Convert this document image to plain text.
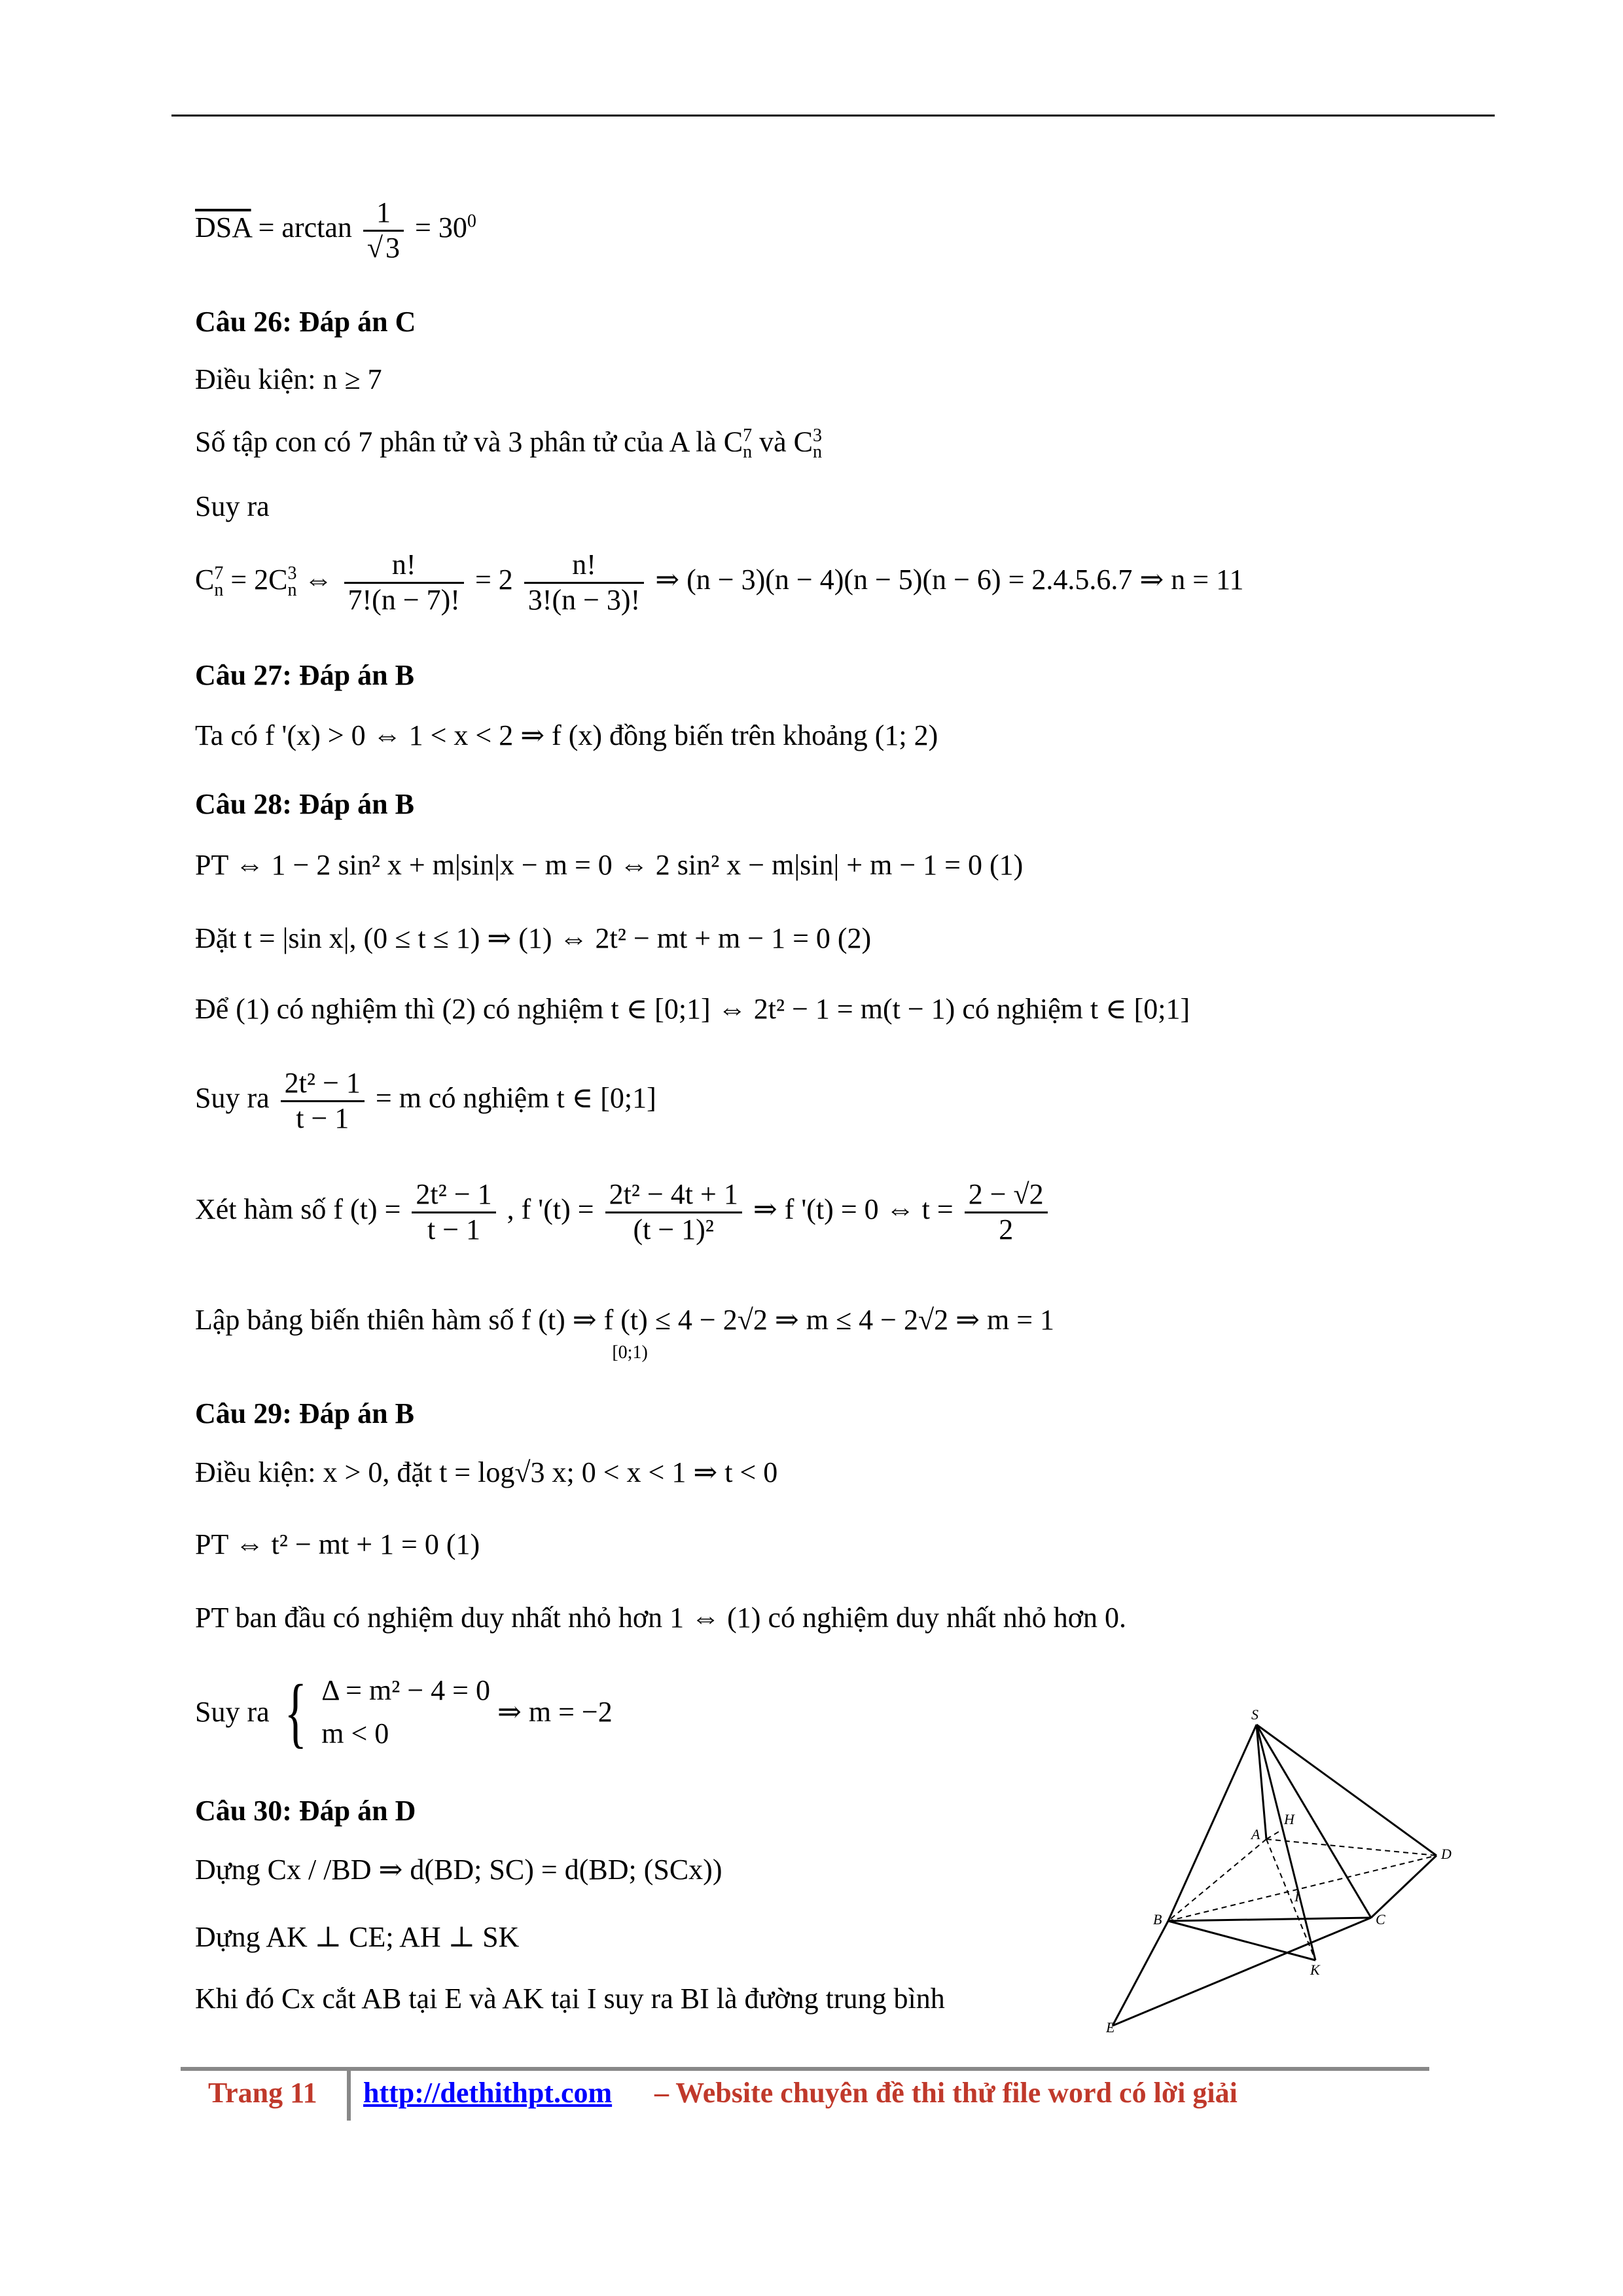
$\overline{DSA} = \arctan \frac{1}{√3} = 30^0$
Câu 26: Đáp án C
Điều kiện: n ≥ 7
Số tập con có 7 phân tử và 3 phân tử của A là $C^7_n$ và $C^3_n$
Suy ra
$C^7_n = 2C^3_n$ ⇔ $\frac{n!}{7!(n - 7)!} = 2 \frac{n!}{3!(n - 3)!}$ ⇒ (n − 3)(n − 4)(n − 5)(n − 6) = 2.4.5.6.7 ⇒ n = 11
Câu 27: Đáp án B
Ta có f '(x) > 0 ⇔ 1 < x < 2 ⇒ f (x) đồng biến trên khoảng (1; 2)
Câu 28: Đáp án B
PT ⇔ 1 − 2 sin² x + m|sin|x − m = 0 ⇔ 2 sin² x − m|sin| + m − 1 = 0 (1)
Đặt t = |sin x|, (0 ≤ t ≤ 1) ⇒ (1) ⇔ 2t² − mt + m − 1 = 0 (2)
Để (1) có nghiệm thì (2) có nghiệm t ∈ [0;1] ⇔ 2t² − 1 = m(t − 1) có nghiệm t ∈ [0;1]
Suy ra $\frac{\text{2t² − 1}}{t - 1} = m$ có nghiệm t ∈ [0;1]
Xét hàm số f $(t) = \frac{\text{2t² − 1}}{t - 1}$ , f '$(t) = \frac{\text{2t² − 4t + 1}}{\text{(t − 1)²}}$ ⇒ f '(t) = 0 ⇔ $t = \frac{2 - √2}{2}$
Lập bảng biến thiên hàm số f (t) ⇒ f (t)
[0;1)
≤ 4 − 2√2 ⇒ m ≤ 4 − 2√2 ⇒ m = 1
Câu 29: Đáp án B
Điều kiện: x > 0, đặt t = log√3 x; 0 < x < 1 ⇒ t < 0
PT ⇔ t² − mt + 1 = 0 (1)
PT ban đầu có nghiệm duy nhất nhỏ hơn 1 ⇔ (1) có nghiệm duy nhất nhỏ hơn 0.
Suy ra { Δ = m² − 4 = 0
m < 0
⇒ m = −2
Câu 30: Đáp án D
Dựng Cx / /BD ⇒ d(BD; SC) = d(BD; (SCx))
Dựng AK ⊥ CE; AH ⊥ SK
Khi đó Cx cắt AB tại E và AK tại I suy ra BI là đường trung bình
S
A
H
D
B
I
C
K
E
Trang 11 http://dethithpt.com – Website chuyên đề thi thử file word có lời giải
